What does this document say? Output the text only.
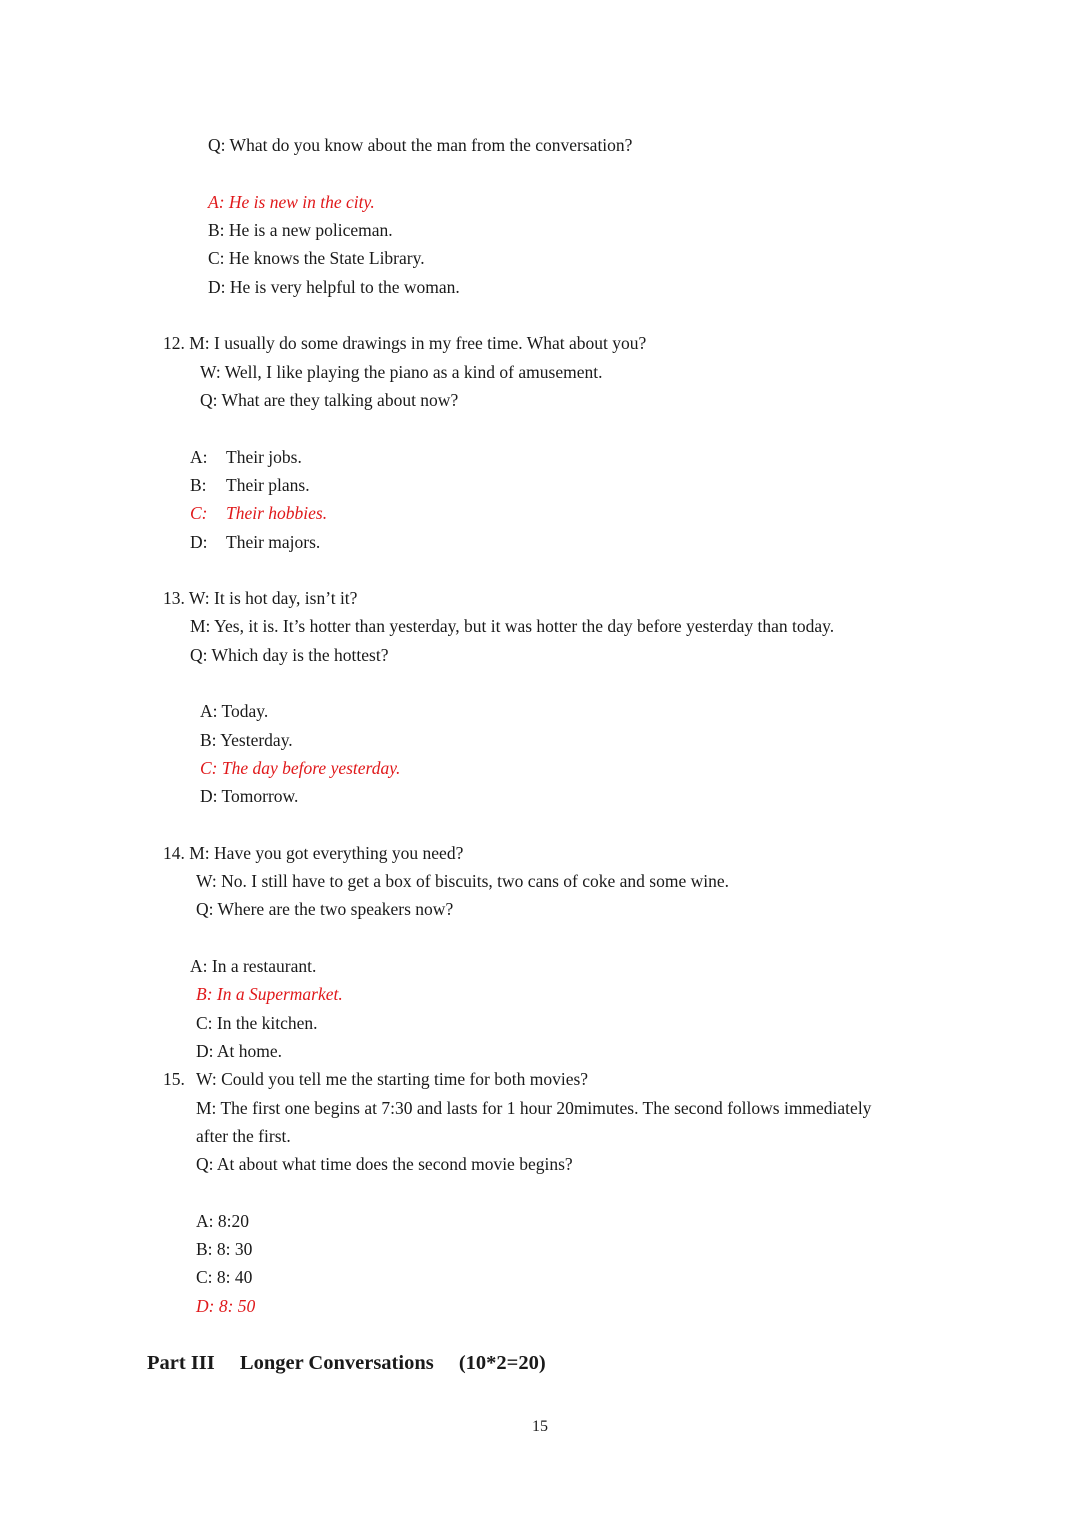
Q: What do you know about the man from the conversation?
A: He is new in the city.
B: He is a new policeman.
C: He knows the State Library.
D: He is very helpful to the woman.
12. M: I usually do some drawings in my free time. What about you?
W: Well, I like playing the piano as a kind of amusement.
Q: What are they talking about now?
A: Their jobs.
B: Their plans.
C: Their hobbies.
D: Their majors.
13. W: It is hot day, isn’t it?
M: Yes, it is. It’s hotter than yesterday, but it was hotter the day before yesterday than today.
Q: Which day is the hottest?
A: Today.
B: Yesterday.
C: The day before yesterday.
D: Tomorrow.
14. M: Have you got everything you need?
W: No. I still have to get a box of biscuits, two cans of coke and some wine.
Q: Where are the two speakers now?
A: In a restaurant.
B: In a Supermarket.
C: In the kitchen.
D: At home.
15. W: Could you tell me the starting time for both movies?
M: The first one begins at 7:30 and lasts for 1 hour 20mimutes. The second follows immediately
after the first.
Q: At about what time does the second movie begins?
A: 8:20
B: 8: 30
C: 8: 40
D: 8: 50
Part III Longer Conversations (10*2=20)
15
